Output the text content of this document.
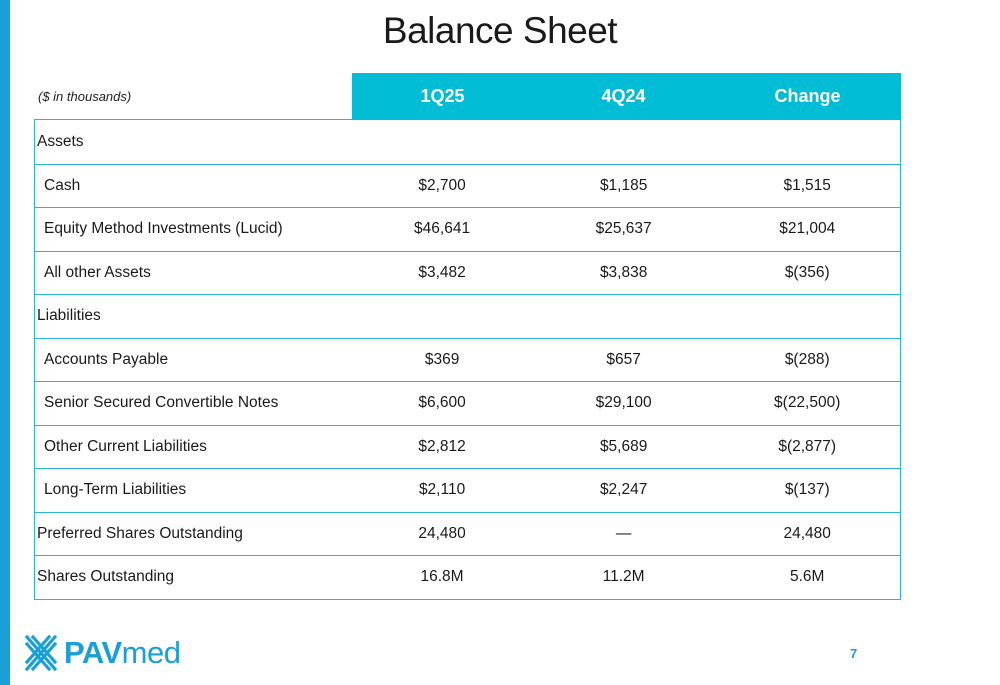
Balance Sheet
($ in thousands)	1Q25	4Q24	Change
Assets
Cash	$2,700	$1,185	$1,515
Equity Method Investments (Lucid)	$46,641	$25,637	$21,004
All other Assets	$3,482	$3,838	$(356)
Liabilities
Accounts Payable	$369	$657	$(288)
Senior Secured Convertible Notes	$6,600	$29,100	$(22,500)
Other Current Liabilities	$2,812	$5,689	$(2,877)
Long-Term Liabilities	$2,110	$2,247	$(137)
Preferred Shares Outstanding	24,480	—	24,480
Shares Outstanding	16.8M	11.2M	5.6M
PAVmed	7
